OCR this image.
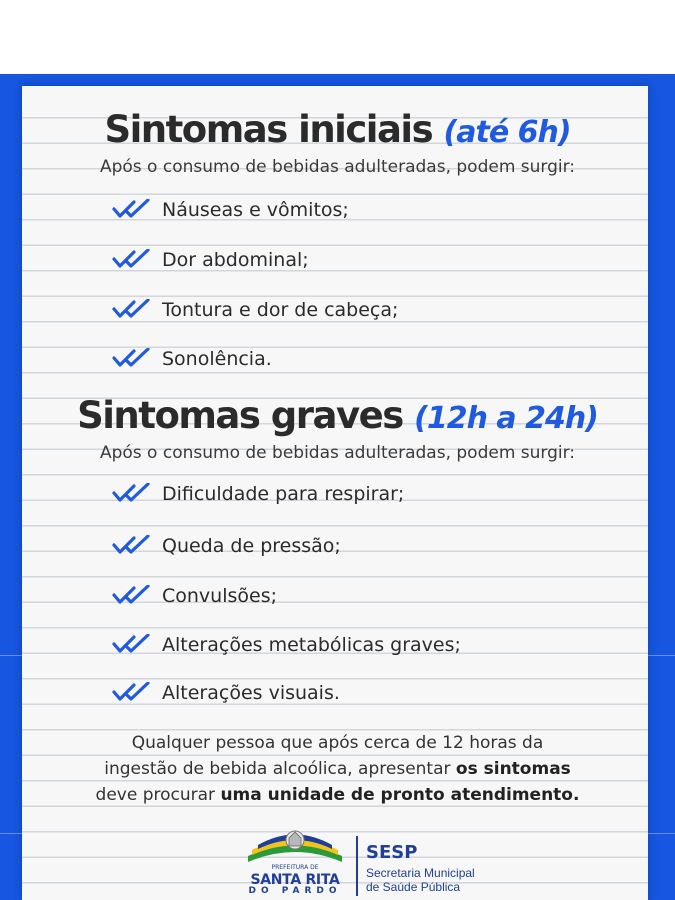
Sintomas iniciais (até 6h)
Após o consumo de bebidas adulteradas, podem surgir:
Náuseas e vômitos;
Dor abdominal;
Tontura e dor de cabeça;
Sonolência.
Sintomas graves (12h a 24h)
Após o consumo de bebidas adulteradas, podem surgir:
Dificuldade para respirar;
Queda de pressão;
Convulsões;
Alterações metabólicas graves;
Alterações visuais.
Qualquer pessoa que após cerca de 12 horas da
ingestão de bebida alcoólica, apresentar os sintomas
deve procurar uma unidade de pronto atendimento.
PREFEITURA DE
SANTA RITA
DO PARDO
SESP
Secretaria Municipal
de Saúde Pública
